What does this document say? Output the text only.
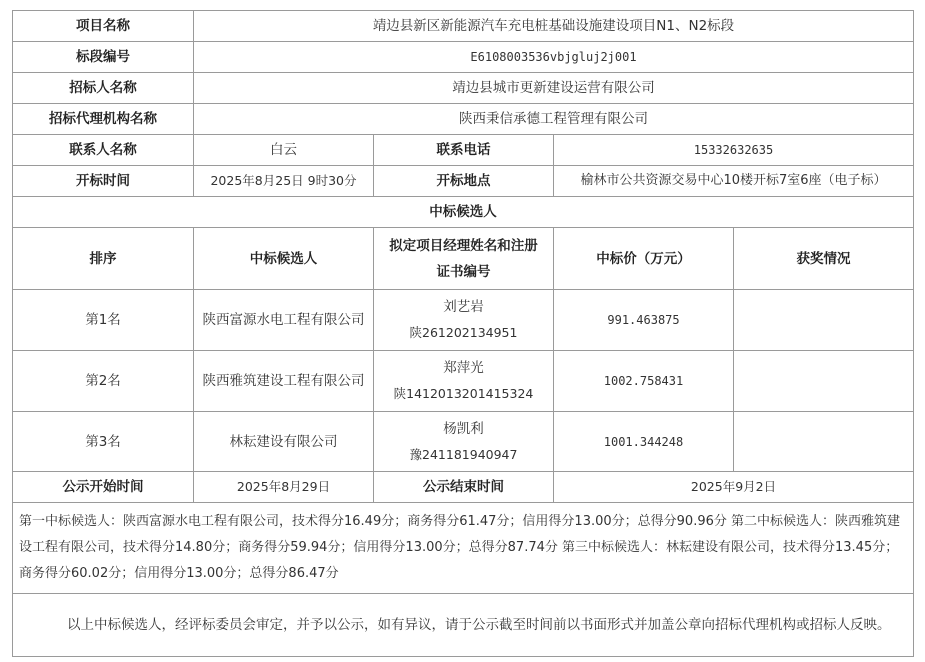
项目名称	靖边县新区新能源汽车充电桩基础设施建设项目N1、N2标段			
标段编号	E6108003536vbjgluj2j001			
招标人名称	靖边县城市更新建设运营有限公司			
招标代理机构名称	陕西秉信承德工程管理有限公司			
联系人名称	白云	联系电话	15332632635	
开标时间	2025年8月25日 9时30分	开标地点	榆林市公共资源交易中心10楼开标7室6座（电子标）	
中标候选人				
排序	中标候选人	拟定项目经理姓名和注册
证书编号	中标价（万元）	获奖情况
第1名	陕西富源水电工程有限公司	刘艺岩
陕261202134951	991.463875	
第2名	陕西雅筑建设工程有限公司	郑萍光
陕1412013201415324	1002.758431	
第3名	林耘建设有限公司	杨凯利
豫241181940947	1001.344248	
公示开始时间	2025年8月29日	公示结束时间	2025年9月2日	
第一中标候选人：陕西富源水电工程有限公司，技术得分16.49分；商务得分61.47分；信用得分13.00分；总得分90.96分 第二中标候选人：陕西雅筑建设工程有限公司，技术得分14.80分；商务得分59.94分；信用得分13.00分；总得分87.74分 第三中标候选人：林耘建设有限公司，技术得分13.45分；商务得分60.02分；信用得分13.00分；总得分86.47分				
以上中标候选人，经评标委员会审定，并予以公示，如有异议，请于公示截至时间前以书面形式并加盖公章向招标代理机构或招标人反映。				
